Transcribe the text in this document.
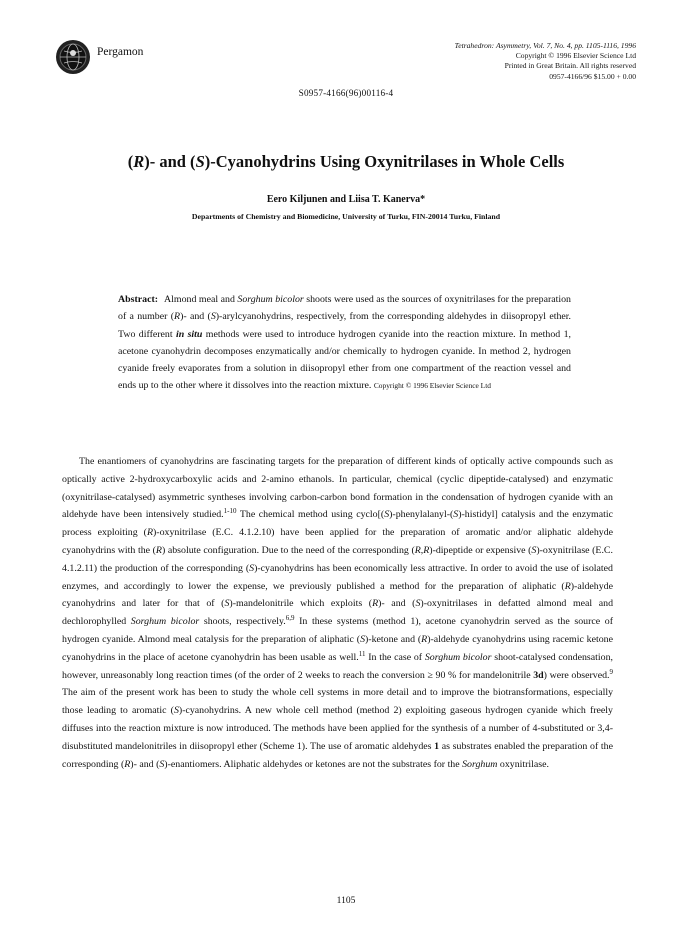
Pergamon
Tetrahedron: Asymmetry, Vol. 7, No. 4, pp. 1105-1116, 1996
Copyright © 1996 Elsevier Science Ltd
Printed in Great Britain. All rights reserved
0957-4166/96 $15.00 + 0.00
S0957-4166(96)00116-4
(R)- and (S)-Cyanohydrins Using Oxynitrilases in Whole Cells
Eero Kiljunen and Liisa T. Kanerva*
Departments of Chemistry and Biomedicine, University of Turku, FIN-20014 Turku, Finland
Abstract: Almond meal and Sorghum bicolor shoots were used as the sources of oxynitrilases for the preparation of a number (R)- and (S)-arylcyanohydrins, respectively, from the corresponding aldehydes in diisopropyl ether. Two different in situ methods were used to introduce hydrogen cyanide into the reaction mixture. In method 1, acetone cyanohydrin decomposes enzymatically and/or chemically to hydrogen cyanide. In method 2, hydrogen cyanide freely evaporates from a solution in diisopropyl ether from one compartment of the reaction vessel and ends up to the other where it dissolves into the reaction mixture. Copyright © 1996 Elsevier Science Ltd
The enantiomers of cyanohydrins are fascinating targets for the preparation of different kinds of optically active compounds such as optically active 2-hydroxycarboxylic acids and 2-amino ethanols. In particular, chemical (cyclic dipeptide-catalysed) and enzymatic (oxynitrilase-catalysed) asymmetric syntheses involving carbon-carbon bond formation in the condensation of hydrogen cyanide with an aldehyde have been intensively studied.$^{1-10}$ The chemical method using cyclo[(S)-phenylalanyl-(S)-histidyl] catalysis and the enzymatic process exploiting (R)-oxynitrilase (E.C. 4.1.2.10) have been applied for the preparation of aromatic and/or aliphatic aldehyde cyanohydrins with the (R) absolute configuration. Due to the need of the corresponding (R,R)-dipeptide or expensive (S)-oxynitrilase (E.C. 4.1.2.11) the production of the corresponding (S)-cyanohydrins has been economically less attractive. In order to avoid the use of isolated enzymes, and accordingly to lower the expense, we previously published a method for the preparation of aliphatic (R)-aldehyde cyanohydrins and later for that of (S)-mandelonitrile which exploits (R)- and (S)-oxynitrilases in defatted almond meal and dechlorophylled Sorghum bicolor shoots, respectively.$^{6,9}$ In these systems (method 1), acetone cyanohydrin served as the source of hydrogen cyanide. Almond meal catalysis for the preparation of aliphatic (S)-ketone and (R)-aldehyde cyanohydrins using racemic ketone cyanohydrins in the place of acetone cyanohydrin has been usable as well.$^{11}$ In the case of Sorghum bicolor shoot-catalysed condensation, however, unreasonably long reaction times (of the order of 2 weeks to reach the conversion ≥ 90 % for mandelonitrile 3d) were observed.$^9$ The aim of the present work has been to study the whole cell systems in more detail and to improve the biotransformations, especially those leading to aromatic (S)-cyanohydrins. A new whole cell method (method 2) exploiting gaseous hydrogen cyanide which freely diffuses into the reaction mixture is now introduced. The methods have been applied for the synthesis of a number of 4-substituted or 3,4-disubstituted mandelonitriles in diisopropyl ether (Scheme 1). The use of aromatic aldehydes 1 as substrates enabled the preparation of the corresponding (R)- and (S)-enantiomers. Aliphatic aldehydes or ketones are not the substrates for the Sorghum oxynitrilase.
1105
